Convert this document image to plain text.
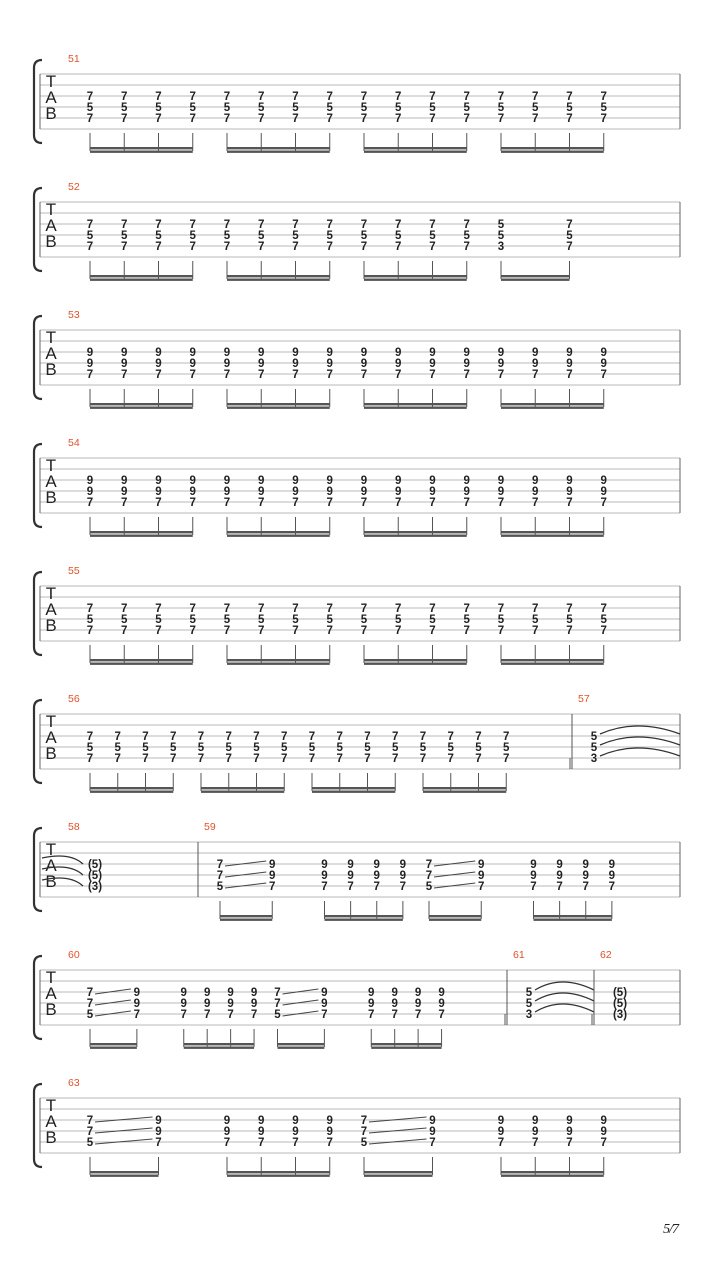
T
A
B
51
7
5
7
7
5
7
7
5
7
7
5
7
7
5
7
7
5
7
7
5
7
7
5
7
7
5
7
7
5
7
7
5
7
7
5
7
7
5
7
7
5
7
7
5
7
7
5
7
T
A
B
52
7
5
7
7
5
7
7
5
7
7
5
7
7
5
7
7
5
7
7
5
7
7
5
7
7
5
7
7
5
7
7
5
7
7
5
7
5
5
3
7
5
7
T
A
B
53
9
9
7
9
9
7
9
9
7
9
9
7
9
9
7
9
9
7
9
9
7
9
9
7
9
9
7
9
9
7
9
9
7
9
9
7
9
9
7
9
9
7
9
9
7
9
9
7
T
A
B
54
9
9
7
9
9
7
9
9
7
9
9
7
9
9
7
9
9
7
9
9
7
9
9
7
9
9
7
9
9
7
9
9
7
9
9
7
9
9
7
9
9
7
9
9
7
9
9
7
T
A
B
55
7
5
7
7
5
7
7
5
7
7
5
7
7
5
7
7
5
7
7
5
7
7
5
7
7
5
7
7
5
7
7
5
7
7
5
7
7
5
7
7
5
7
7
5
7
7
5
7
T
A
B
56
7
5
7
7
5
7
7
5
7
7
5
7
7
5
7
7
5
7
7
5
7
7
5
7
7
5
7
7
5
7
7
5
7
7
5
7
7
5
7
7
5
7
7
5
7
7
5
7
57
5
5
3
T
A
B
58
(5)
(5)
(3)
59
7
7
5
9
9
7
9
9
7
9
9
7
9
9
7
9
9
7
7
7
5
9
9
7
9
9
7
9
9
7
9
9
7
9
9
7
T
A
B
60
7
7
5
9
9
7
9
9
7
9
9
7
9
9
7
9
9
7
7
7
5
9
9
7
9
9
7
9
9
7
9
9
7
9
9
7
61
5
5
3
62
(5)
(5)
(3)
T
A
B
63
7
7
5
9
9
7
9
9
7
9
9
7
9
9
7
9
9
7
7
7
5
9
9
7
9
9
7
9
9
7
9
9
7
9
9
7
5/7
